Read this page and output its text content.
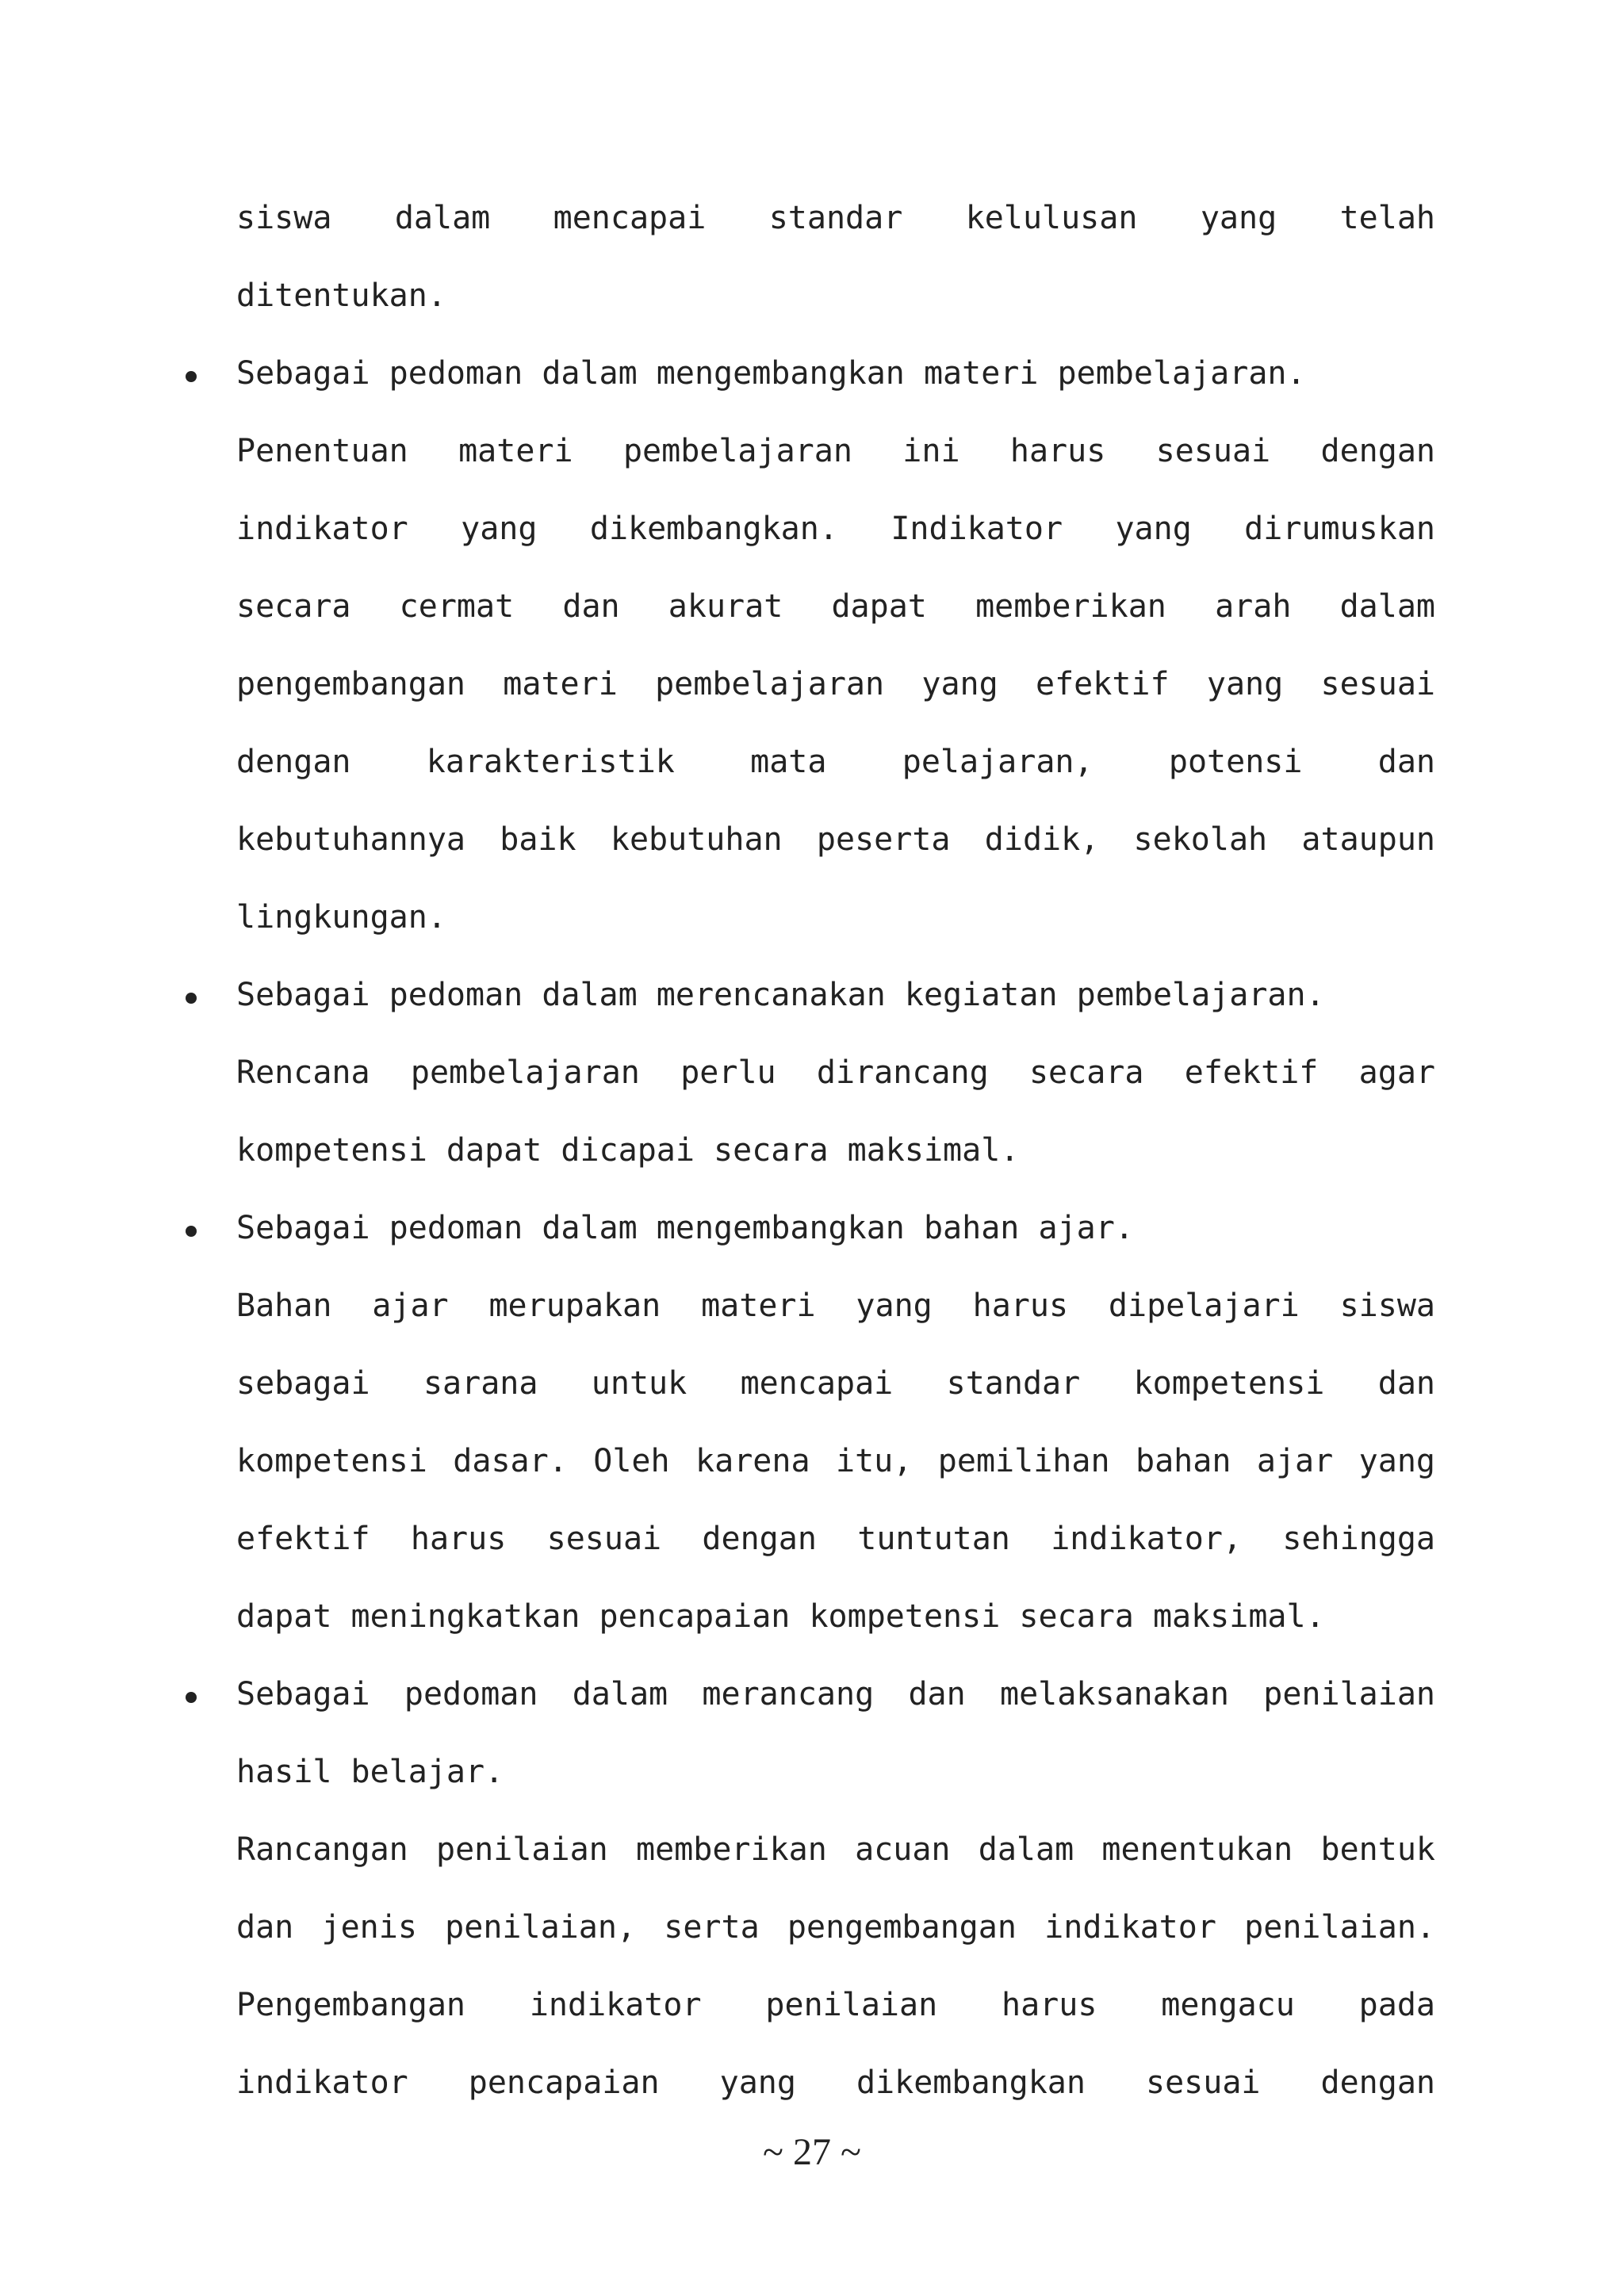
siswa dalam mencapai standar kelulusan yang telah
ditentukan.
Sebagai pedoman dalam mengembangkan materi pembelajaran.
Penentuan materi pembelajaran ini harus sesuai dengan
indikator yang dikembangkan. Indikator yang dirumuskan
secara cermat dan akurat dapat memberikan arah dalam
pengembangan materi pembelajaran yang efektif yang sesuai
dengan karakteristik mata pelajaran, potensi dan
kebutuhannya baik kebutuhan peserta didik, sekolah ataupun
lingkungan.
Sebagai pedoman dalam merencanakan kegiatan pembelajaran.
Rencana pembelajaran perlu dirancang secara efektif agar
kompetensi dapat dicapai secara maksimal.
Sebagai pedoman dalam mengembangkan bahan ajar.
Bahan ajar merupakan materi yang harus dipelajari siswa
sebagai sarana untuk mencapai standar kompetensi dan
kompetensi dasar. Oleh karena itu, pemilihan bahan ajar yang
efektif harus sesuai dengan tuntutan indikator, sehingga
dapat meningkatkan pencapaian kompetensi secara maksimal.
Sebagai pedoman dalam merancang dan melaksanakan penilaian
hasil belajar.
Rancangan penilaian memberikan acuan dalam menentukan bentuk
dan jenis penilaian, serta pengembangan indikator penilaian.
Pengembangan indikator penilaian harus mengacu pada
indikator pencapaian yang dikembangkan sesuai dengan
~ 27 ~
